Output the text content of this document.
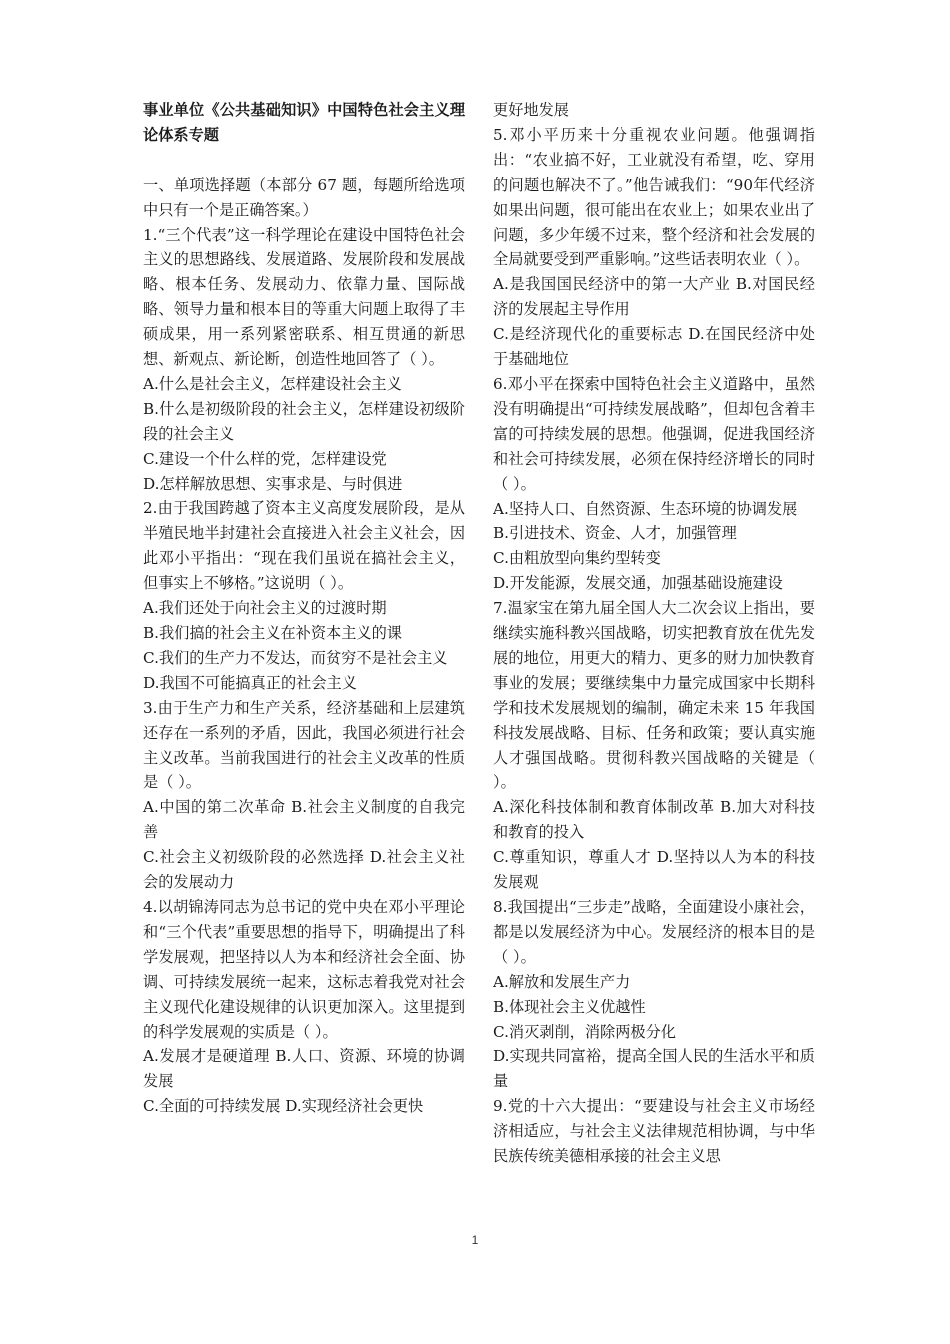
事业单位《公共基础知识》中国特色社会主义理论体系专题

一、单项选择题（本部分 67 题，每题所给选项中只有一个是正确答案。）

1.“三个代表”这一科学理论在建设中国特色社会主义的思想路线、发展道路、发展阶段和发展战略、根本任务、发展动力、依靠力量、国际战略、领导力量和根本目的等重大问题上取得了丰硕成果，用一系列紧密联系、相互贯通的新思想、新观点、新论断，创造性地回答了（ ）。

A.什么是社会主义，怎样建设社会主义

B.什么是初级阶段的社会主义，怎样建设初级阶段的社会主义

C.建设一个什么样的党，怎样建设党

D.怎样解放思想、实事求是、与时俱进

2.由于我国跨越了资本主义高度发展阶段，是从半殖民地半封建社会直接进入社会主义社会，因此邓小平指出：“现在我们虽说在搞社会主义，但事实上不够格。”这说明（ ）。

A.我们还处于向社会主义的过渡时期

B.我们搞的社会主义在补资本主义的课

C.我们的生产力不发达，而贫穷不是社会主义

D.我国不可能搞真正的社会主义

3.由于生产力和生产关系，经济基础和上层建筑还存在一系列的矛盾，因此，我国必须进行社会主义改革。当前我国进行的社会主义改革的性质是（ ）。

A.中国的第二次革命 B.社会主义制度的自我完善

C.社会主义初级阶段的必然选择 D.社会主义社会的发展动力

4.以胡锦涛同志为总书记的党中央在邓小平理论和“三个代表”重要思想的指导下，明确提出了科学发展观，把坚持以人为本和经济社会全面、协调、可持续发展统一起来，这标志着我党对社会主义现代化建设规律的认识更加深入。这里提到的科学发展观的实质是（ ）。

A.发展才是硬道理 B.人口、资源、环境的协调发展

C.全面的可持续发展 D.实现经济社会更快

更好地发展

5.邓小平历来十分重视农业问题。他强调指出：“农业搞不好，工业就没有希望，吃、穿用的问题也解决不了。”他告诫我们：“90年代经济如果出问题，很可能出在农业上；如果农业出了问题，多少年缓不过来，整个经济和社会发展的全局就要受到严重影响。”这些话表明农业（ ）。

A.是我国国民经济中的第一大产业 B.对国民经济的发展起主导作用

C.是经济现代化的重要标志 D.在国民经济中处于基础地位

6.邓小平在探索中国特色社会主义道路中，虽然没有明确提出“可持续发展战略”，但却包含着丰富的可持续发展的思想。他强调，促进我国经济和社会可持续发展，必须在保持经济增长的同时（ ）。

A.坚持人口、自然资源、生态环境的协调发展

B.引进技术、资金、人才，加强管理

C.由粗放型向集约型转变

D.开发能源，发展交通，加强基础设施建设

7.温家宝在第九届全国人大二次会议上指出，要继续实施科教兴国战略，切实把教育放在优先发展的地位，用更大的精力、更多的财力加快教育事业的发展；要继续集中力量完成国家中长期科学和技术发展规划的编制，确定未来 15 年我国科技发展战略、目标、任务和政策；要认真实施人才强国战略。贯彻科教兴国战略的关键是（ ）。

A.深化科技体制和教育体制改革 B.加大对科技和教育的投入

C.尊重知识，尊重人才 D.坚持以人为本的科技发展观

8.我国提出“三步走”战略，全面建设小康社会，都是以发展经济为中心。发展经济的根本目的是（ ）。

A.解放和发展生产力

B.体现社会主义优越性

C.消灭剥削，消除两极分化

D.实现共同富裕，提高全国人民的生活水平和质量

9.党的十六大提出：“要建设与社会主义市场经济相适应，与社会主义法律规范相协调，与中华民族传统美德相承接的社会主义思

1
